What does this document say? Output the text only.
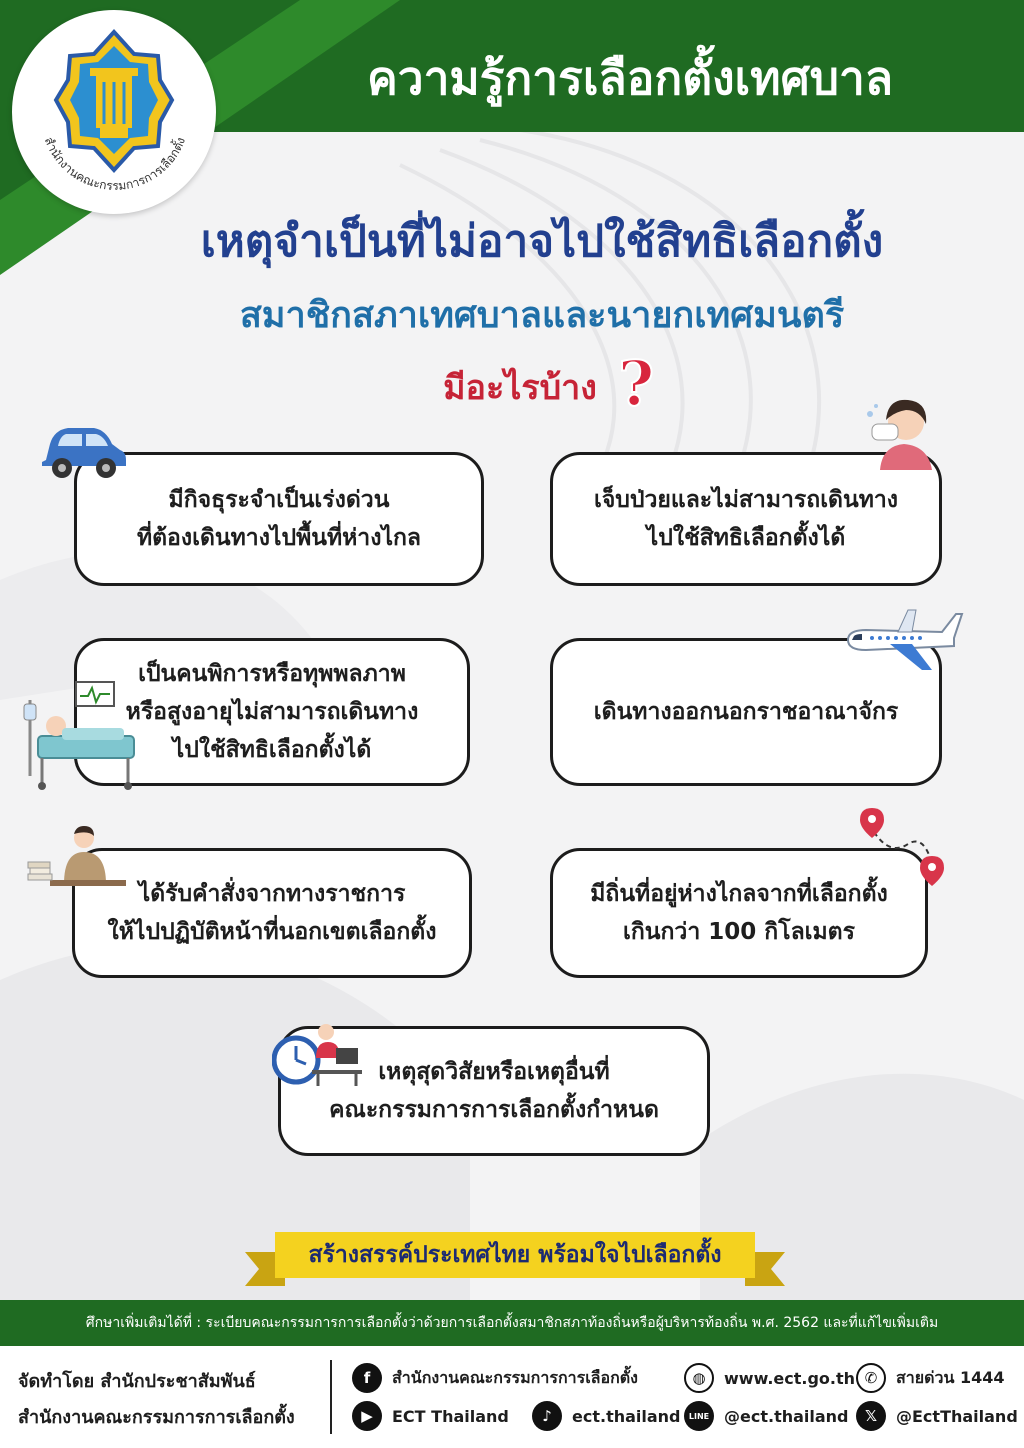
ความรู้การเลือกตั้งเทศบาล
สำนักงานคณะกรรมการการเลือกตั้ง
เหตุจำเป็นที่ไม่อาจไปใช้สิทธิเลือกตั้ง
สมาชิกสภาเทศบาลและนายกเทศมนตรี
มีอะไรบ้าง ?
มีกิจธุระจำเป็นเร่งด่วน
ที่ต้องเดินทางไปพื้นที่ห่างไกล
เจ็บป่วยและไม่สามารถเดินทาง
ไปใช้สิทธิเลือกตั้งได้
เป็นคนพิการหรือทุพพลภาพ
หรือสูงอายุไม่สามารถเดินทาง
ไปใช้สิทธิเลือกตั้งได้
เดินทางออกนอกราชอาณาจักร
ได้รับคำสั่งจากทางราชการ
ให้ไปปฏิบัติหน้าที่นอกเขตเลือกตั้ง
มีถิ่นที่อยู่ห่างไกลจากที่เลือกตั้ง
เกินกว่า 100 กิโลเมตร
เหตุสุดวิสัยหรือเหตุอื่นที่
คณะกรรมการการเลือกตั้งกำหนด
สร้างสรรค์ประเทศไทย พร้อมใจไปเลือกตั้ง
ศึกษาเพิ่มเติมได้ที่ : ระเบียบคณะกรรมการการเลือกตั้งว่าด้วยการเลือกตั้งสมาชิกสภาท้องถิ่นหรือผู้บริหารท้องถิ่น พ.ศ. 2562 และที่แก้ไขเพิ่มเติม
จัดทำโดย สำนักประชาสัมพันธ์
สำนักงานคณะกรรมการการเลือกตั้ง
f	สำนักงานคณะกรรมการการเลือกตั้ง	◍	www.ect.go.th ✆	สายด่วน 1444
▶	ECT Thailand	♪	ect.thailand	LINE @ect.thailand	𝕏	@EctThailand
